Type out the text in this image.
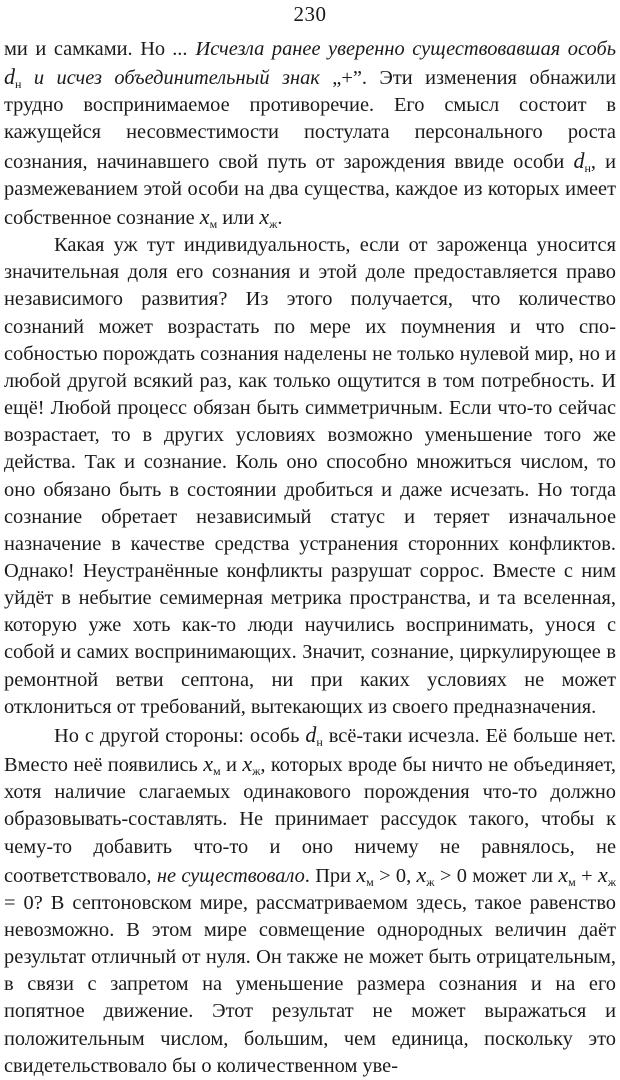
230

ми и самками. Но ... Исчезла ранее уверенно существовавшая особь $d_н$ и исчез объединительный знак „+”. Эти изменения обнажили трудно воспринимаемое противоречие. Его смысл состоит в кажущейся несовместимости постулата персонального роста сознания, начинавшего свой путь от зарождения ввиде особи $d_н$, и размежеванием этой особи на два существа, каждое из которых имеет собственное сознание $x_м$ или $x_ж$.

Какая уж тут индивидуальность, если от зароженца уносится значительная доля его сознания и этой доле предоставляется право независимого развития? Из этого получается, что количество сознаний может возрастать по мере их поумнения и что способностью порождать сознания наделены не только нулевой мир, но и любой другой всякий раз, как только ощутится в том потребность. И ещё! Любой процесс обязан быть симметричным. Если что-то сейчас возрастает, то в других условиях возможно уменьшение того же действа. Так и сознание. Коль оно способно множиться числом, то оно обязано быть в состоянии дробиться и даже исчезать. Но тогда сознание обретает независимый статус и теряет изначальное назначение в качестве средства устранения сторонних конфликтов. Однако! Неустранённые конфликты разрушат соррос. Вместе с ним уйдёт в небытие семимерная метрика пространства, и та вселенная, которую уже хоть как-то люди научились воспринимать, унося с собой и самих воспринимающих. Значит, сознание, циркулирующее в ремонтной ветви септона, ни при каких условиях не может отклониться от требований, вытекающих из своего предназначения.

Но с другой стороны: особь $d_н$ всё-таки исчезла. Её больше нет. Вместо неё появились $x_м$ и $x_ж$, которых вроде бы ничто не объединяет, хотя наличие слагаемых одинакового порождения что-то должно образовывать-составлять. Не принимает рассудок такого, чтобы к чему-то добавить что-то и оно ничему не равнялось, не соответствовало, не существовало. При $x_м > 0$, $x_ж > 0$ может ли $x_м + x_ж = 0$? В септоновском мире, рассматриваемом здесь, такое равенство невозможно. В этом мире совмещение однородных величин даёт результат отличный от нуля. Он также не может быть отрицательным, в связи с запретом на уменьшение размера сознания и на его попятное движение. Этот результат не может выражаться и положительным числом, большим, чем единица, поскольку это свидетельствовало бы о количественном уве-
